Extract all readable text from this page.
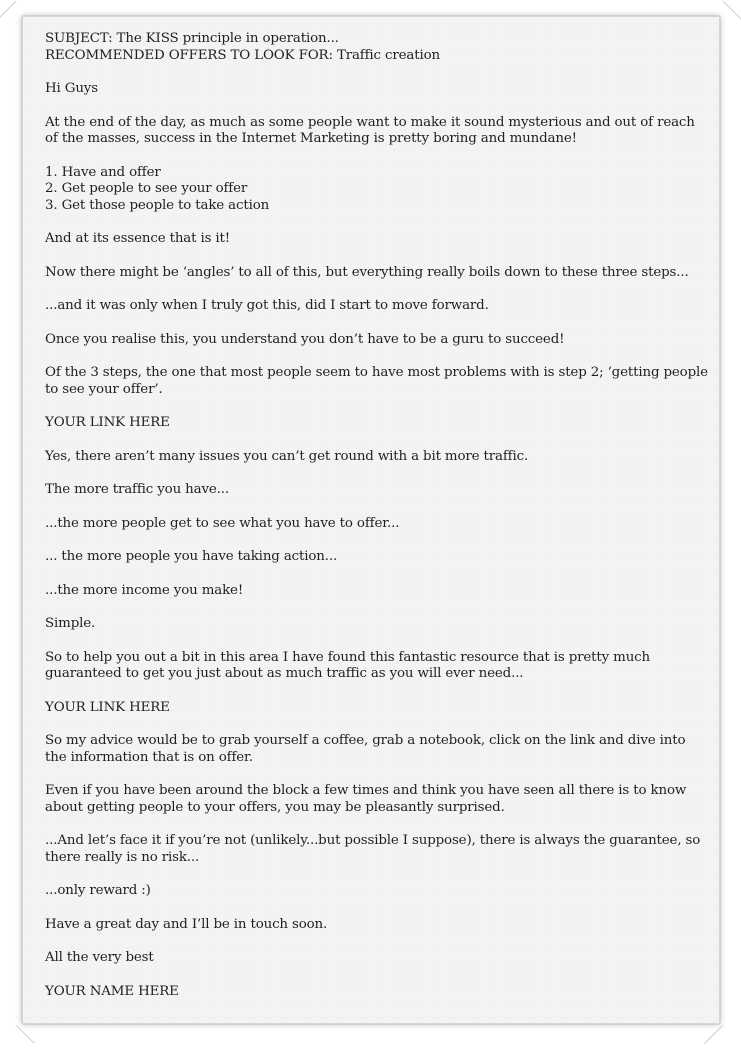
SUBJECT: The KISS principle in operation...
RECOMMENDED OFFERS TO LOOK FOR: Traffic creation

Hi Guys

At the end of the day, as much as some people want to make it sound mysterious and out of reach of the masses, success in the Internet Marketing is pretty boring and mundane!

1. Have and offer
2. Get people to see your offer
3. Get those people to take action

And at its essence that is it!

Now there might be ‘angles’ to all of this, but everything really boils down to these three steps...

...and it was only when I truly got this, did I start to move forward.

Once you realise this, you understand you don’t have to be a guru to succeed!

Of the 3 steps, the one that most people seem to have most problems with is step 2; ‘getting people to see your offer’.

YOUR LINK HERE

Yes, there aren’t many issues you can’t get round with a bit more traffic.

The more traffic you have...

...the more people get to see what you have to offer...

... the more people you have taking action...

...the more income you make!

Simple.

So to help you out a bit in this area I have found this fantastic resource that is pretty much guaranteed to get you just about as much traffic as you will ever need...

YOUR LINK HERE

So my advice would be to grab yourself a coffee, grab a notebook, click on the link and dive into the information that is on offer.

Even if you have been around the block a few times and think you have seen all there is to know about getting people to your offers, you may be pleasantly surprised.

...And let’s face it if you’re not (unlikely...but possible I suppose), there is always the guarantee, so there really is no risk...

...only reward :)

Have a great day and I’ll be in touch soon.

All the very best

YOUR NAME HERE
